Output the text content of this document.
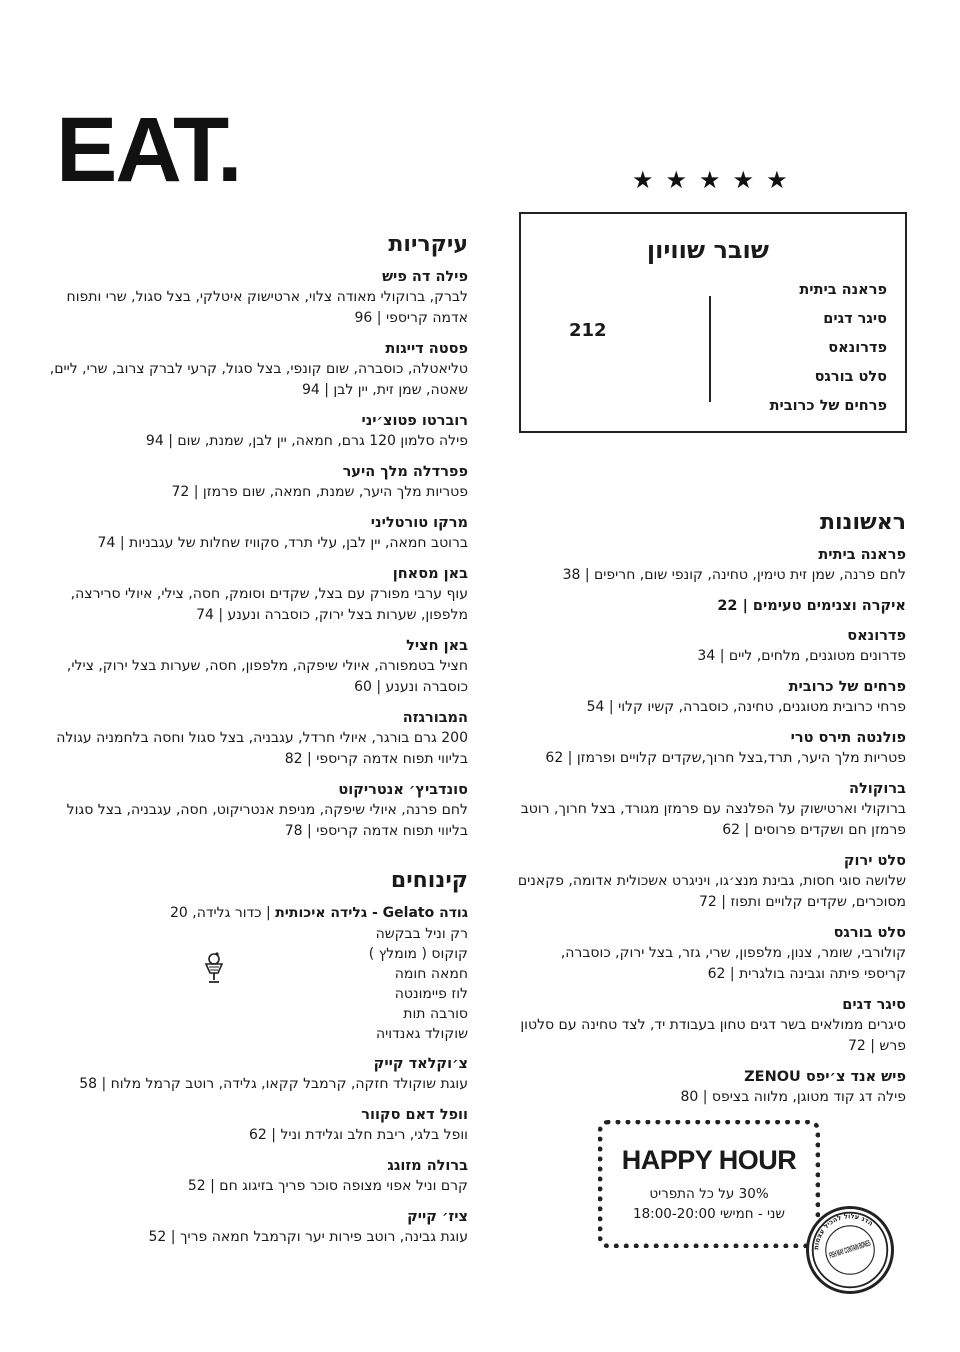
EAT.	★★★★★
שובר שוויון
פראנה ביתית
סיגר דגים
פדרונאס
סלט בורגס
פרחים של כרובית
212
עיקריות
פילה דה פיש
לברק, ברוקולי מאודה צלוי, ארטישוק איטלקי, בצל סגול, שרי ותפוח אדמה קריספי | 96
פסטה דייגות
טליאטלה, כוסברה, שום קונפי, בצל סגול, קרעי לברק צרוב, שרי, ליים, שאטה, שמן זית, יין לבן | 94
רוברטו פטוצ׳יני
פילה סלמון 120 גרם, חמאה, יין לבן, שמנת, שום | 94
פפרדלה מלך היער
פטריות מלך היער, שמנת, חמאה, שום פרמזן | 72
מרקו טורטליני
ברוטב חמאה, יין לבן, עלי תרד, סקוויז שחלות של עגבניות | 74
באן מסאחן
עוף ערבי מפורק עם בצל, שקדים וסומק, חסה, צילי, איולי סרירצה, מלפפון, שערות בצל ירוק, כוסברה ונענע | 74
באן חציל
חציל בטמפורה, איולי שיפקה, מלפפון, חסה, שערות בצל ירוק, צילי, כוסברה ונענע | 60
המבורגזה
200 גרם בורגר, איולי חרדל, עגבניה, בצל סגול וחסה בלחמניה עגולה בליווי תפוח אדמה קריספי | 82
סונדביץ׳ אנטריקוט
לחם פרנה, איולי שיפקה, מניפת אנטריקוט, חסה, עגבניה, בצל סגול בליווי תפוח אדמה קריספי | 78
קינוחים
גודה Gelato - גלידה איכותית | כדור גלידה, 20
רק וניל בבקשה
קוקוס ( מומלץ )
חמאה חומה
לוז פיימונטה
סורבה תות
שוקולד גאנדויה
צ׳וקלאד קייק
עוגת שוקולד חזקה, קרמבל קקאו, גלידה, רוטב קרמל מלוח | 58
וופל דאם סקוור
וופל בלגי, ריבת חלב וגלידת וניל | 62
ברולה מזוגג
קרם וניל אפוי מצופה סוכר פריך בזיגוג חם | 52
ציז׳ קייק
עוגת גבינה, רוטב פירות יער וקרמבל חמאה פריך | 52
ראשונות
פראנה ביתית
לחם פרנה, שמן זית טימין, טחינה, קונפי שום, חריפים | 38
איקרה וצנימים טעימים | 22
פדרונאס
פדרונים מטוגנים, מלחים, ליים | 34
פרחים של כרובית
פרחי כרובית מטוגנים, טחינה, כוסברה, קשיו קלוי | 54
פולנטה תירס טרי
פטריות מלך היער, תרד,בצל חרוך,שקדים קלויים ופרמזן | 62
ברוקולה
ברוקולי וארטישוק על הפלנצה עם פרמזן מגורד, בצל חרוך, רוטב פרמזן חם ושקדים פרוסים | 62
סלט ירוק
שלושה סוגי חסות, גבינת מנצ׳גו, ויניגרט אשכולית אדומה, פקאנים מסוכרים, שקדים קלויים ותפוז | 72
סלט בורגס
קולורבי, שומר, צנון, מלפפון, שרי, גזר, בצל ירוק, כוסברה, קריספי פיתה וגבינה בולגרית | 62
סיגר דגים
סיגרים ממולאים בשר דגים טחון בעבודת יד, לצד טחינה עם סלטון פרש | 72
פיש אנד צ׳יפס ZENOU
פילה דג קוד מטוגן, מלווה בציפס | 80
HAPPY HOUR
30% על כל התפריט
שני - חמישי 18:00-20:00
הדג עלול להכיל עצמות
